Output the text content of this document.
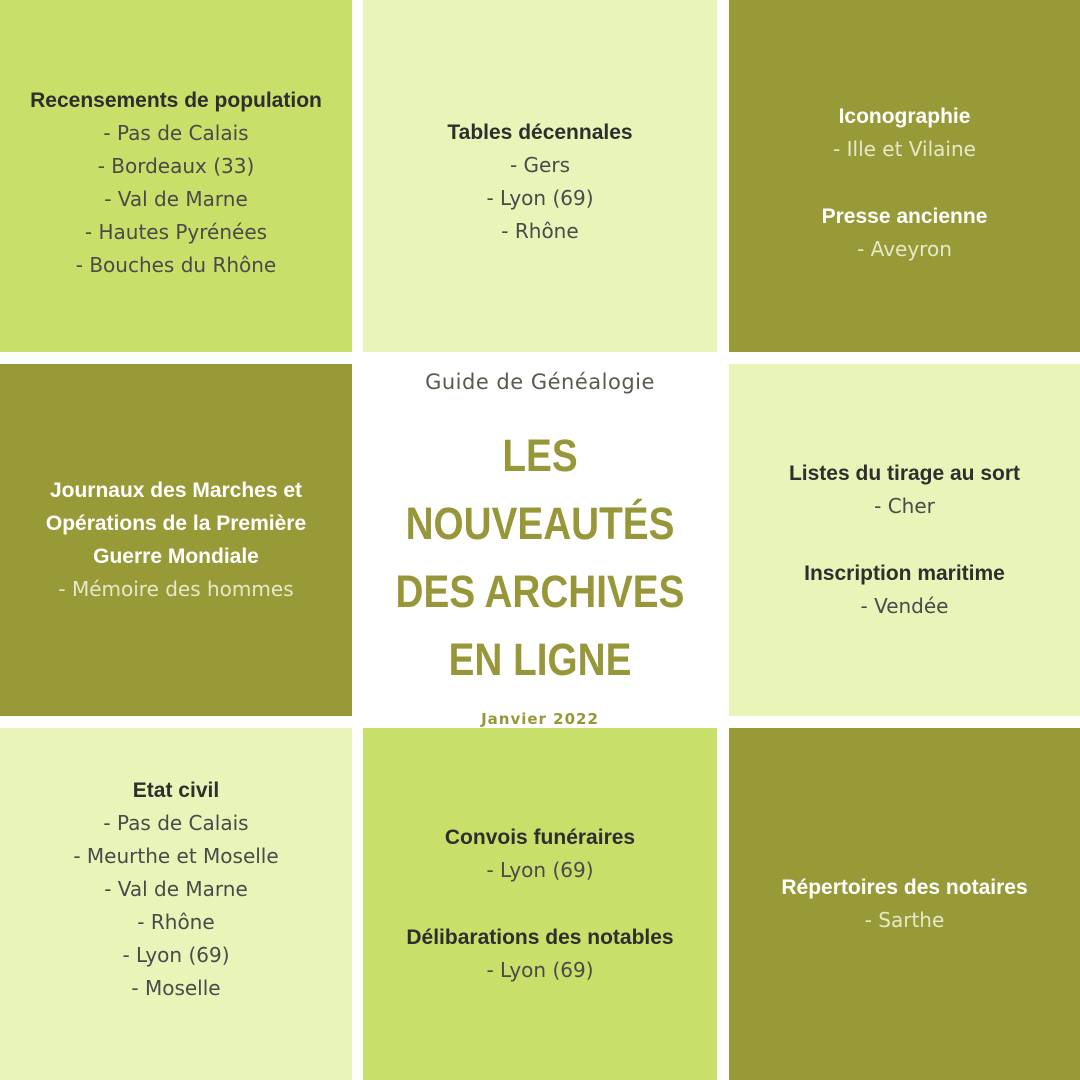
Recensements de population
- Pas de Calais
- Bordeaux (33)
- Val de Marne
- Hautes Pyrénées
- Bouches du Rhône
Tables décennales
- Gers
- Lyon (69)
- Rhône
Iconographie
- Ille et Vilaine
Presse ancienne
- Aveyron
Journaux des Marches et
Opérations de la Première
Guerre Mondiale
- Mémoire des hommes
Guide de Généalogie
LES NOUVEAUTÉS
DES ARCHIVES
EN LIGNE
Janvier 2022
Listes du tirage au sort
- Cher
Inscription maritime
- Vendée
Etat civil
- Pas de Calais
- Meurthe et Moselle
- Val de Marne
- Rhône
- Lyon (69)
- Moselle
Convois funéraires
- Lyon (69)
Délibarations des notables
- Lyon (69)
Répertoires des notaires
- Sarthe
